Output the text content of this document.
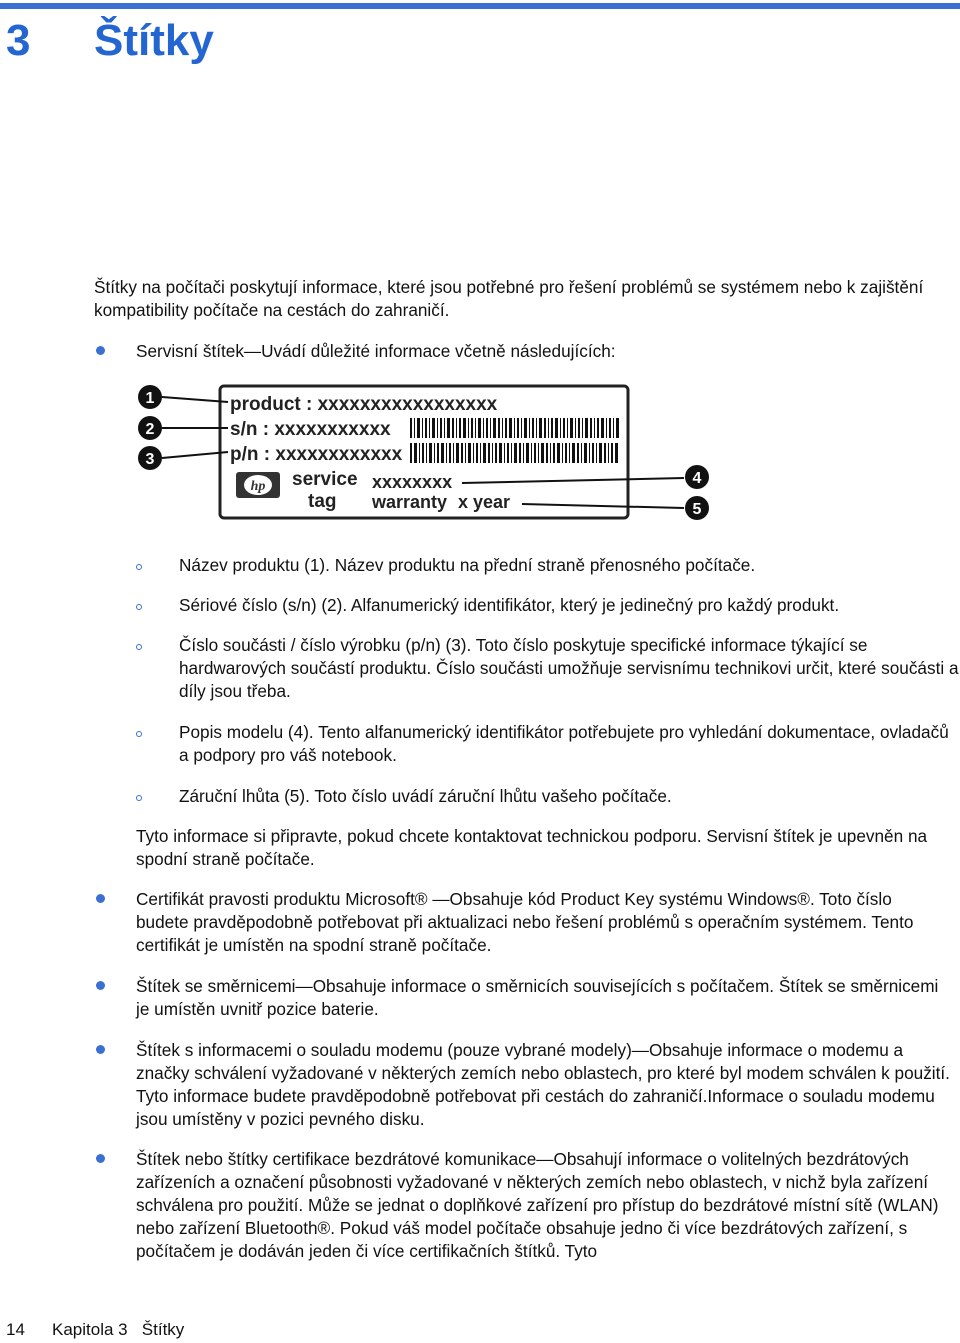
3 Štítky

Štítky na počítači poskytují informace, které jsou potřebné pro řešení problémů se systémem nebo k zajištění kompatibility počítače na cestách do zahraničí.

Servisní štítek—Uvádí důležité informace včetně následujících:

1
2
3
product : xxxxxxxxxxxxxxxxx
s/n : xxxxxxxxxxx
p/n : xxxxxxxxxxxx
hp service
tag
xxxxxxxx
warranty x year
4
5

Název produktu (1). Název produktu na přední straně přenosného počítače.

Sériové číslo (s/n) (2). Alfanumerický identifikátor, který je jedinečný pro každý produkt.

Číslo součásti / číslo výrobku (p/n) (3). Toto číslo poskytuje specifické informace týkající se hardwarových součástí produktu. Číslo součásti umožňuje servisnímu technikovi určit, které součásti a díly jsou třeba.

Popis modelu (4). Tento alfanumerický identifikátor potřebujete pro vyhledání dokumentace, ovladačů a podpory pro váš notebook.

Záruční lhůta (5). Toto číslo uvádí záruční lhůtu vašeho počítače.

Tyto informace si připravte, pokud chcete kontaktovat technickou podporu. Servisní štítek je upevněn na spodní straně počítače.

Certifikát pravosti produktu Microsoft® —Obsahuje kód Product Key systému Windows®. Toto číslo budete pravděpodobně potřebovat při aktualizaci nebo řešení problémů s operačním systémem. Tento certifikát je umístěn na spodní straně počítače.

Štítek se směrnicemi—Obsahuje informace o směrnicích souvisejících s počítačem. Štítek se směrnicemi je umístěn uvnitř pozice baterie.

Štítek s informacemi o souladu modemu (pouze vybrané modely)—Obsahuje informace o modemu a značky schválení vyžadované v některých zemích nebo oblastech, pro které byl modem schválen k použití. Tyto informace budete pravděpodobně potřebovat při cestách do zahraničí.Informace o souladu modemu jsou umístěny v pozici pevného disku.

Štítek nebo štítky certifikace bezdrátové komunikace—Obsahují informace o volitelných bezdrátových zařízeních a označení působnosti vyžadované v některých zemích nebo oblastech, v nichž byla zařízení schválena pro použití. Může se jednat o doplňkové zařízení pro přístup do bezdrátové místní sítě (WLAN) nebo zařízení Bluetooth®. Pokud váš model počítače obsahuje jedno či více bezdrátových zařízení, s počítačem je dodáván jeden či více certifikačních štítků. Tyto

14 Kapitola 3   Štítky
